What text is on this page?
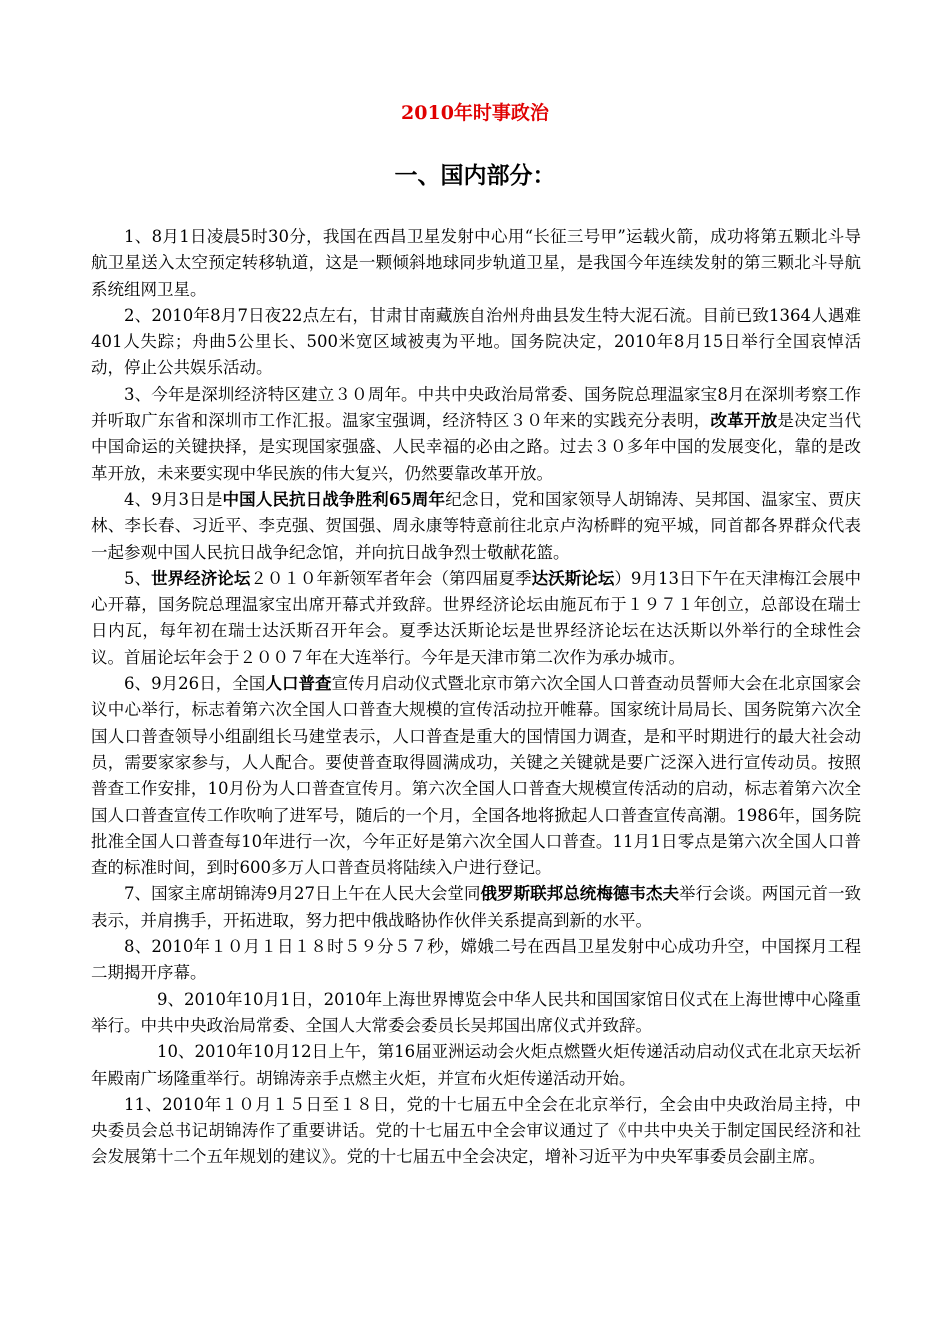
2010年时事政治
一、国内部分：

1、8月1日凌晨5时30分，我国在西昌卫星发射中心用“长征三号甲”运载火箭，成功将第五颗北斗导航卫星送入太空预定转移轨道，这是一颗倾斜地球同步轨道卫星，是我国今年连续发射的第三颗北斗导航系统组网卫星。

2、2010年8月7日夜22点左右，甘肃甘南藏族自治州舟曲县发生特大泥石流。目前已致1364人遇难401人失踪；舟曲5公里长、500米宽区域被夷为平地。国务院决定，2010年8月15日举行全国哀悼活动，停止公共娱乐活动。

3、今年是深圳经济特区建立３０周年。中共中央政治局常委、国务院总理温家宝8月在深圳考察工作并听取广东省和深圳市工作汇报。温家宝强调，经济特区３０年来的实践充分表明，改革开放是决定当代中国命运的关键抉择，是实现国家强盛、人民幸福的必由之路。过去３０多年中国的发展变化，靠的是改革开放，未来要实现中华民族的伟大复兴，仍然要靠改革开放。

4、9月3日是中国人民抗日战争胜利65周年纪念日，党和国家领导人胡锦涛、吴邦国、温家宝、贾庆林、李长春、习近平、李克强、贺国强、周永康等特意前往北京卢沟桥畔的宛平城，同首都各界群众代表一起参观中国人民抗日战争纪念馆，并向抗日战争烈士敬献花篮。

5、世界经济论坛２０１０年新领军者年会（第四届夏季达沃斯论坛）9月13日下午在天津梅江会展中心开幕，国务院总理温家宝出席开幕式并致辞。世界经济论坛由施瓦布于１９７１年创立，总部设在瑞士日内瓦，每年初在瑞士达沃斯召开年会。夏季达沃斯论坛是世界经济论坛在达沃斯以外举行的全球性会议。首届论坛年会于２００７年在大连举行。今年是天津市第二次作为承办城市。

6、9月26日，全国人口普查宣传月启动仪式暨北京市第六次全国人口普查动员誓师大会在北京国家会议中心举行，标志着第六次全国人口普查大规模的宣传活动拉开帷幕。国家统计局局长、国务院第六次全国人口普查领导小组副组长马建堂表示，人口普查是重大的国情国力调查，是和平时期进行的最大社会动员，需要家家参与，人人配合。要使普查取得圆满成功，关键之关键就是要广泛深入进行宣传动员。按照普查工作安排，10月份为人口普查宣传月。第六次全国人口普查大规模宣传活动的启动，标志着第六次全国人口普查宣传工作吹响了进军号，随后的一个月，全国各地将掀起人口普查宣传高潮。1986年，国务院批准全国人口普查每10年进行一次，今年正好是第六次全国人口普查。11月1日零点是第六次全国人口普查的标准时间，到时600多万人口普查员将陆续入户进行登记。

7、国家主席胡锦涛9月27日上午在人民大会堂同俄罗斯联邦总统梅德韦杰夫举行会谈。两国元首一致表示，并肩携手，开拓进取，努力把中俄战略协作伙伴关系提高到新的水平。

8、2010年１０月１日１８时５９分５７秒，嫦娥二号在西昌卫星发射中心成功升空，中国探月工程二期揭开序幕。

9、2010年10月1日，2010年上海世界博览会中华人民共和国国家馆日仪式在上海世博中心隆重举行。中共中央政治局常委、全国人大常委会委员长吴邦国出席仪式并致辞。

10、2010年10月12日上午，第16届亚洲运动会火炬点燃暨火炬传递活动启动仪式在北京天坛祈年殿南广场隆重举行。胡锦涛亲手点燃主火炬，并宣布火炬传递活动开始。

11、2010年１０月１５日至１８日，党的十七届五中全会在北京举行，全会由中央政治局主持，中央委员会总书记胡锦涛作了重要讲话。党的十七届五中全会审议通过了《中共中央关于制定国民经济和社会发展第十二个五年规划的建议》。党的十七届五中全会决定，增补习近平为中央军事委员会副主席。
